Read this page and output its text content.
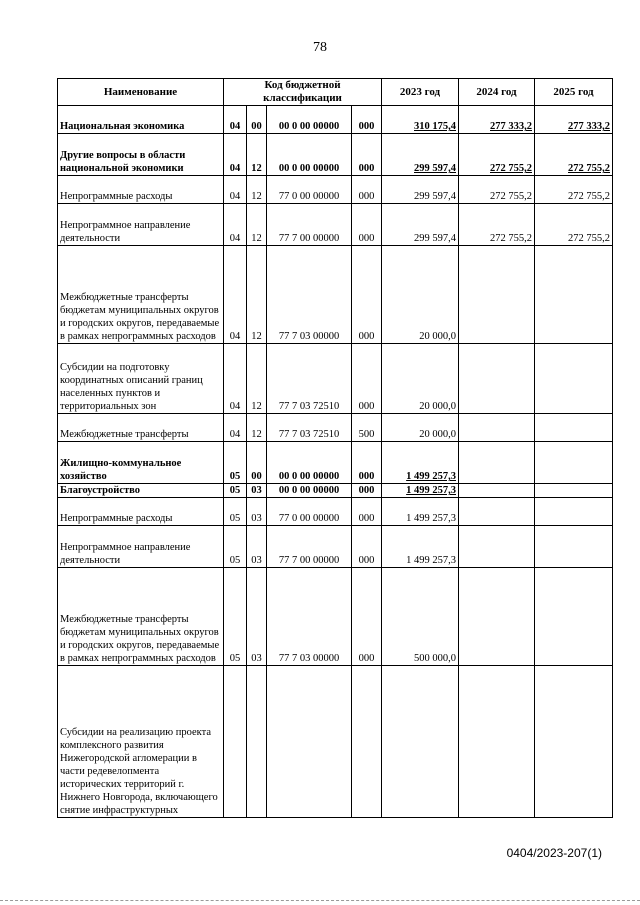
78
Наименование	Код бюджетной классификации				2023 год	2024 год	2025 год
Национальная экономика	04	00	00 0 00 00000	000	310 175,4	277 333,2	277 333,2
Другие вопросы в области национальной экономики	04	12	00 0 00 00000	000	299 597,4	272 755,2	272 755,2
Непрограммные расходы	04	12	77 0 00 00000	000	299 597,4	272 755,2	272 755,2
Непрограммное направление деятельности	04	12	77 7 00 00000	000	299 597,4	272 755,2	272 755,2
Межбюджетные трансферты бюджетам муниципальных округов и городских округов, передаваемые в рамках непрограммных расходов	04	12	77 7 03 00000	000	20 000,0		
Субсидии на подготовку координатных описаний границ населенных пунктов и территориальных зон	04	12	77 7 03 72510	000	20 000,0		
Межбюджетные трансферты	04	12	77 7 03 72510	500	20 000,0		
Жилищно-коммунальное хозяйство	05	00	00 0 00 00000	000	1 499 257,3		
Благоустройство	05	03	00 0 00 00000	000	1 499 257,3		
Непрограммные расходы	05	03	77 0 00 00000	000	1 499 257,3		
Непрограммное направление деятельности	05	03	77 7 00 00000	000	1 499 257,3		
Межбюджетные трансферты бюджетам муниципальных округов и городских округов, передаваемые в рамках непрограммных расходов	05	03	77 7 03 00000	000	500 000,0		
Субсидии на реализацию проекта комплексного развития Нижегородской агломерации в части редевелопмента исторических территорий г. Нижнего Новгорода, включающего снятие инфраструктурных							
0404/2023-207(1)
